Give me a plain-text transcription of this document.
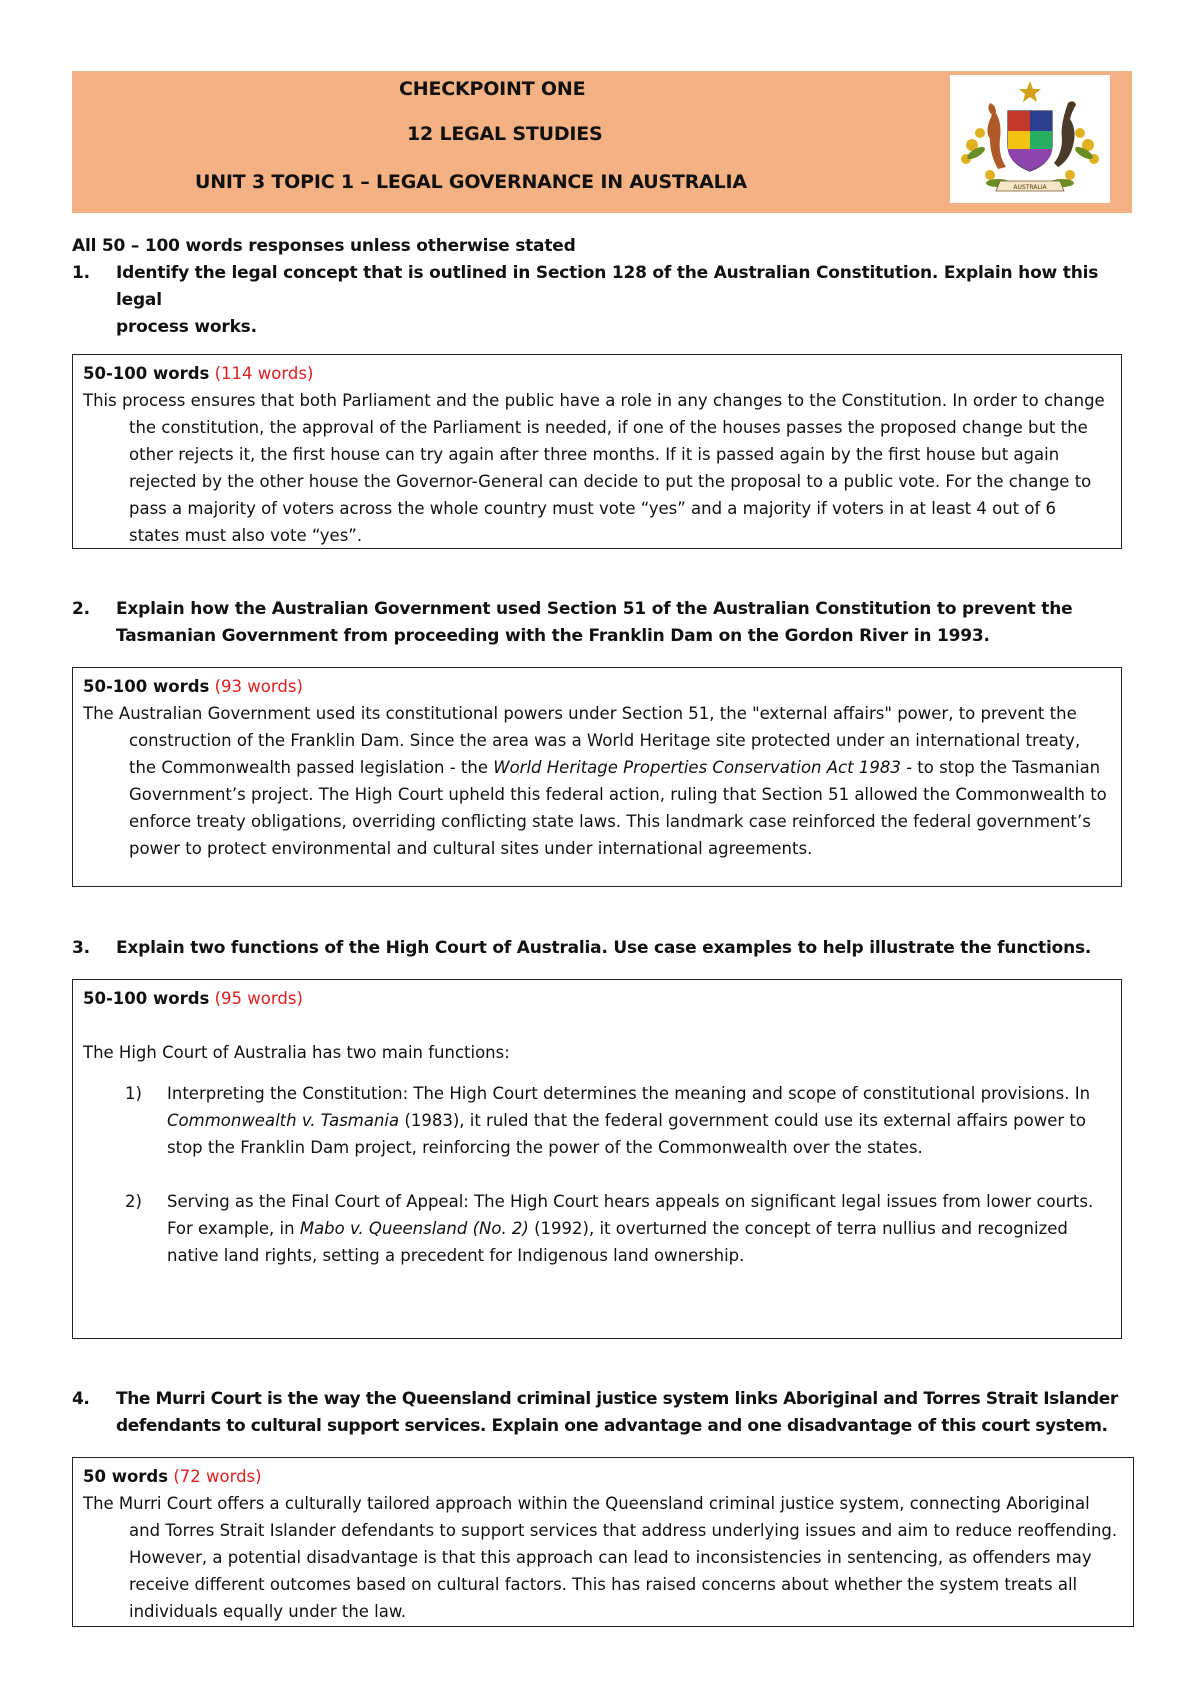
CHECKPOINT ONE
12 LEGAL STUDIES
UNIT 3 TOPIC 1 – LEGAL GOVERNANCE IN AUSTRALIA	AUSTRALIA
All 50 – 100 words responses unless otherwise stated
1. Identify the legal concept that is outlined in Section 128 of the Australian Constitution. Explain how this legal
process works.
50-100 words (114 words)

This process ensures that both Parliament and the public have a role in any changes to the Constitution. In order to change the constitution, the approval of the Parliament is needed, if one of the houses passes the proposed change but the other rejects it, the first house can try again after three months. If it is passed again by the first house but again rejected by the other house the Governor-General can decide to put the proposal to a public vote. For the change to pass a majority of voters across the whole country must vote “yes” and a majority if voters in at least 4 out of 6 states must also vote “yes”.

2. Explain how the Australian Government used Section 51 of the Australian Constitution to prevent the
Tasmanian Government from proceeding with the Franklin Dam on the Gordon River in 1993.
50-100 words (93 words)

The Australian Government used its constitutional powers under Section 51, the "external affairs" power, to prevent the construction of the Franklin Dam. Since the area was a World Heritage site protected under an international treaty, the Commonwealth passed legislation - the World Heritage Properties Conservation Act 1983 - to stop the Tasmanian Government’s project. The High Court upheld this federal action, ruling that Section 51 allowed the Commonwealth to enforce treaty obligations, overriding conflicting state laws. This landmark case reinforced the federal government’s power to protect environmental and cultural sites under international agreements.

3. Explain two functions of the High Court of Australia. Use case examples to help illustrate the functions.
50-100 words (95 words)

The High Court of Australia has two main functions:

1) Interpreting the Constitution: The High Court determines the meaning and scope of constitutional provisions. In Commonwealth v. Tasmania (1983), it ruled that the federal government could use its external affairs power to stop the Franklin Dam project, reinforcing the power of the Commonwealth over the states.
2) Serving as the Final Court of Appeal: The High Court hears appeals on significant legal issues from lower courts. For example, in Mabo v. Queensland (No. 2) (1992), it overturned the concept of terra nullius and recognized native land rights, setting a precedent for Indigenous land ownership.
4. The Murri Court is the way the Queensland criminal justice system links Aboriginal and Torres Strait Islander
defendants to cultural support services. Explain one advantage and one disadvantage of this court system.
50 words (72 words)

The Murri Court offers a culturally tailored approach within the Queensland criminal justice system, connecting Aboriginal and Torres Strait Islander defendants to support services that address underlying issues and aim to reduce reoffending. However, a potential disadvantage is that this approach can lead to inconsistencies in sentencing, as offenders may receive different outcomes based on cultural factors. This has raised concerns about whether the system treats all individuals equally under the law.
